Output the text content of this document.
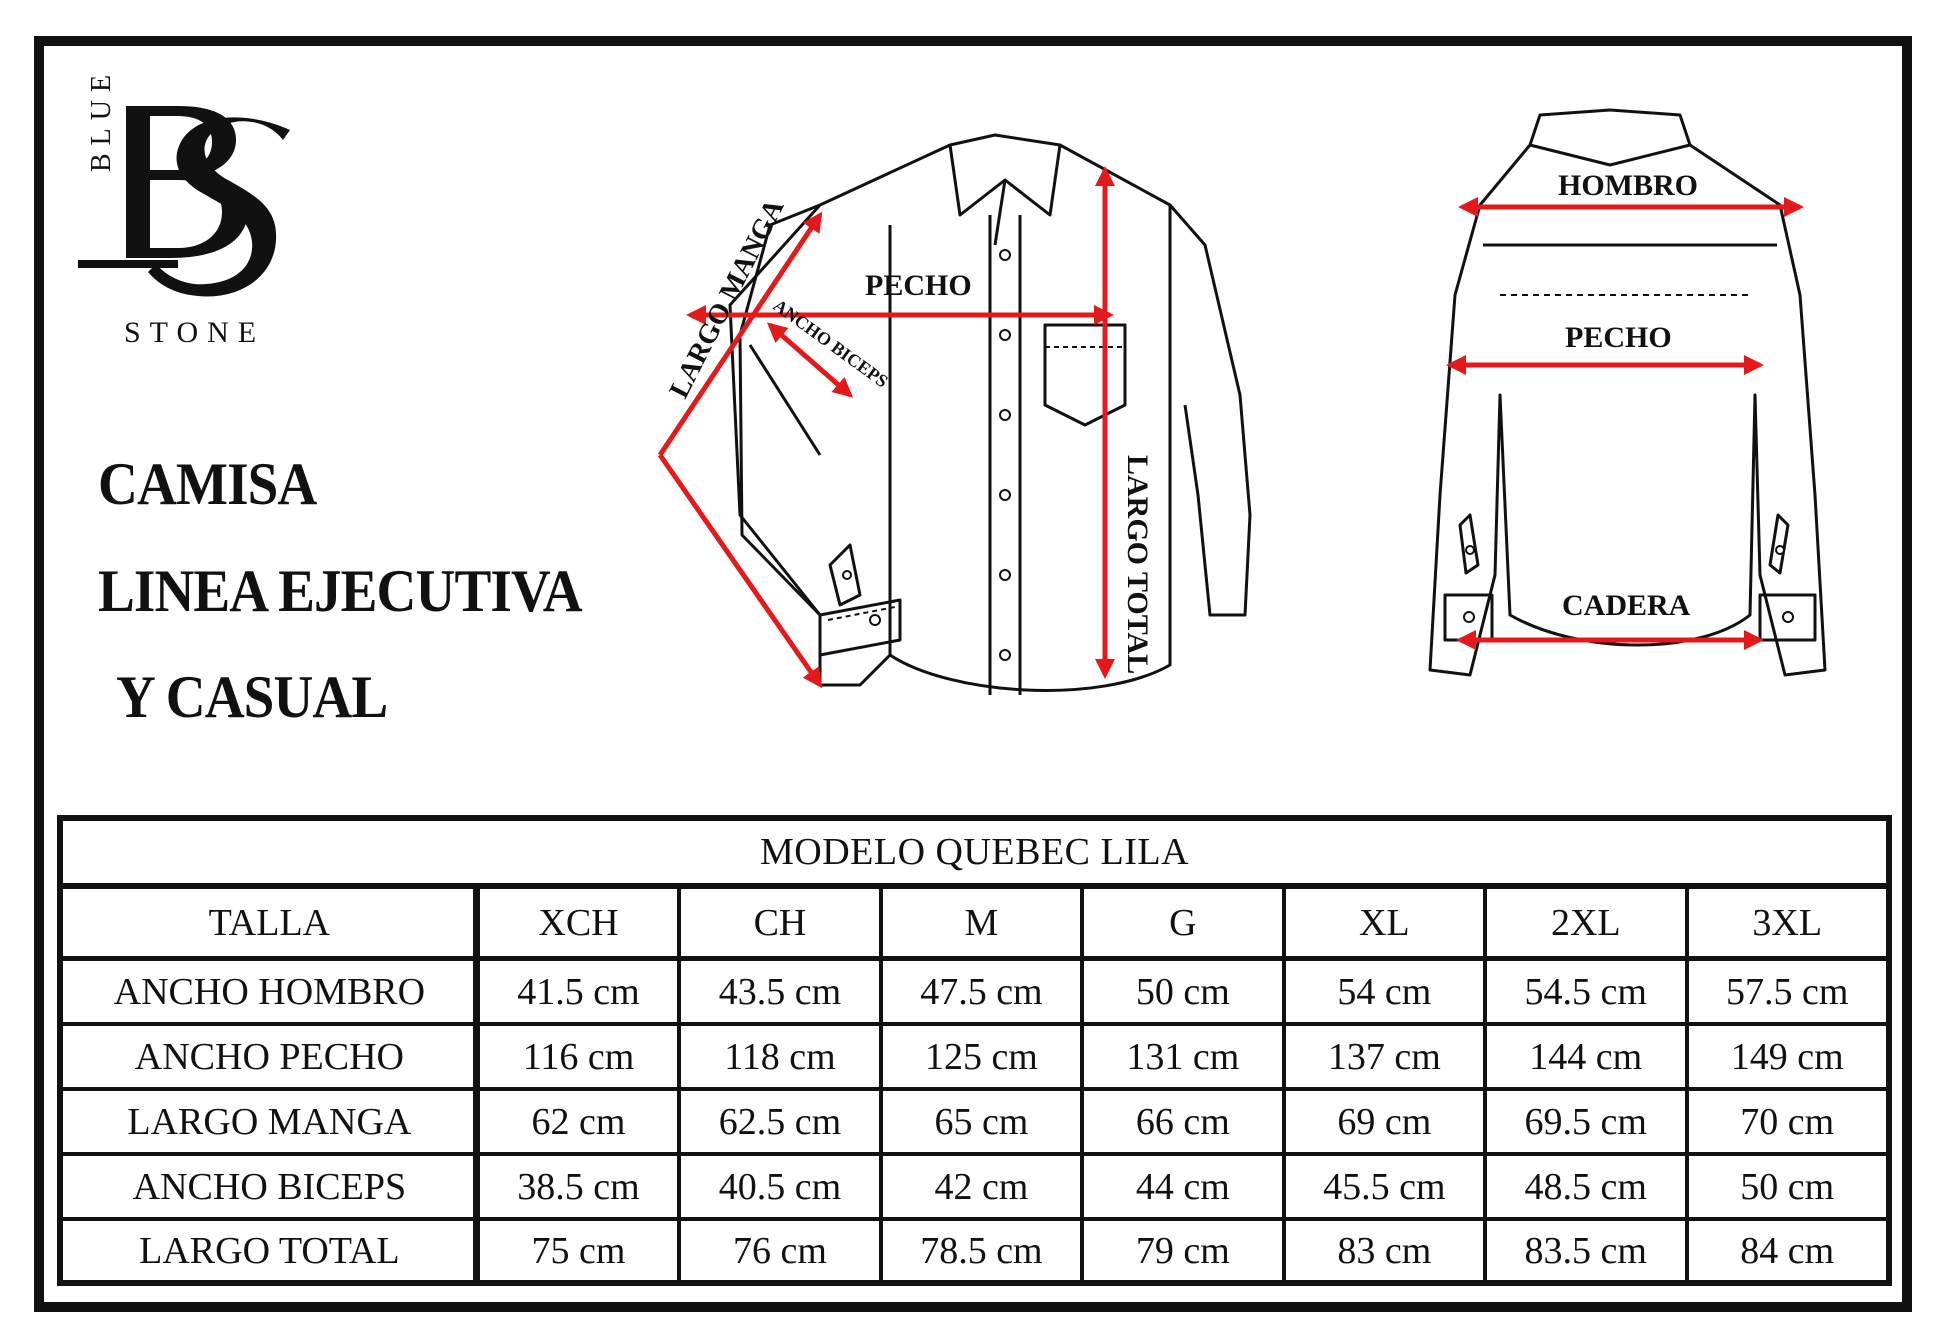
BLUE
STONE
CAMISA
LINEA EJECUTIVA
Y CASUAL
PECHO
LARGO MANGA
ANCHO BICEPS
LARGO TOTAL
HOMBRO
PECHO
CADERA
MODELO QUEBEC LILA
TALLA	XCH	CH	M	G	XL	2XL	3XL
ANCHO HOMBRO	41.5 cm	43.5 cm	47.5 cm	50 cm	54 cm	54.5 cm	57.5 cm
ANCHO PECHO	116 cm	118 cm	125 cm	131 cm	137 cm	144 cm	149 cm
LARGO MANGA	62 cm	62.5 cm	65 cm	66 cm	69 cm	69.5 cm	70 cm
ANCHO BICEPS	38.5 cm	40.5 cm	42 cm	44 cm	45.5 cm	48.5 cm	50 cm
LARGO TOTAL	75 cm	76 cm	78.5 cm	79 cm	83 cm	83.5 cm	84 cm
